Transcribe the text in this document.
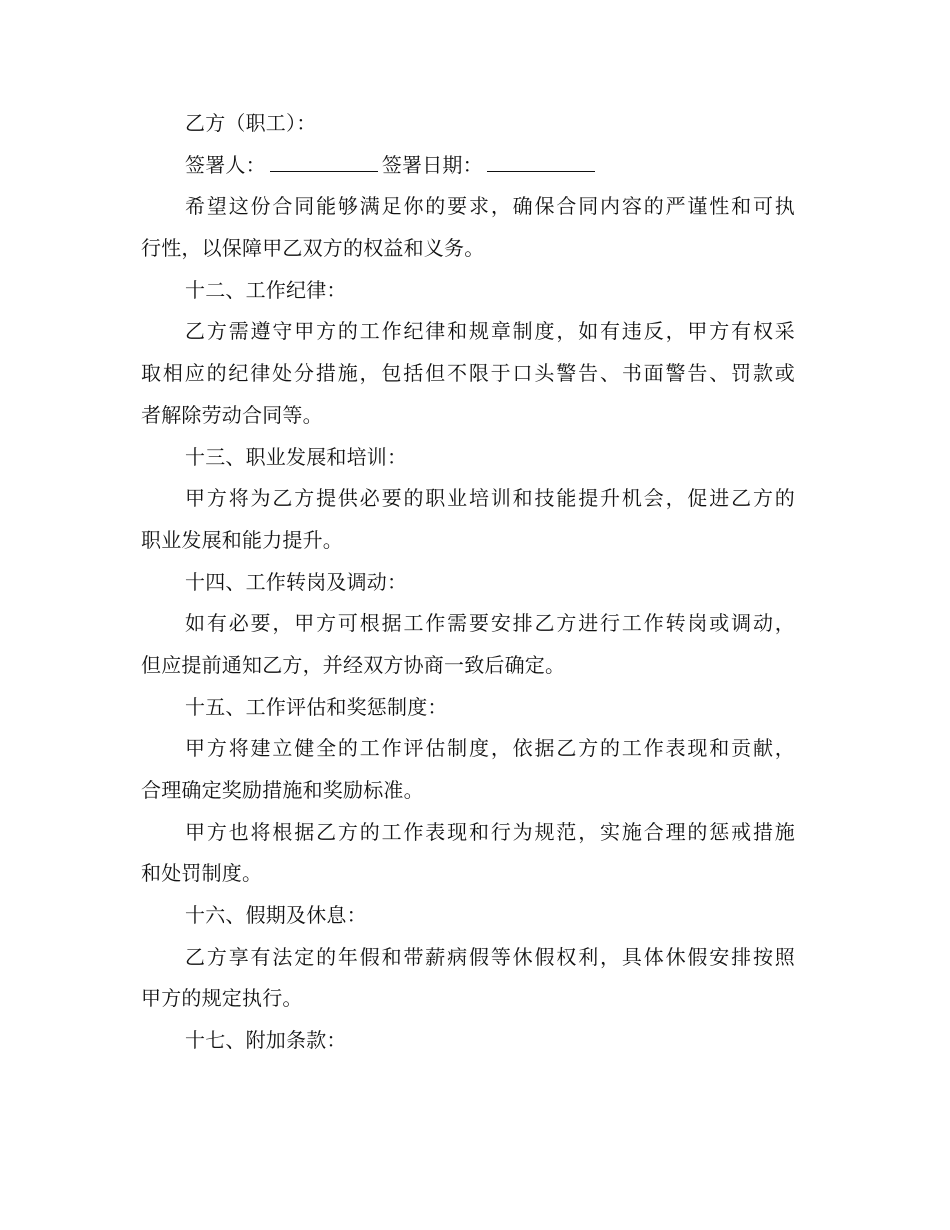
乙方（职工）：
签署人：	签署日期：
希望这份合同能够满足你的要求，确保合同内容的严谨性和可执
行性，以保障甲乙双方的权益和义务。
十二、工作纪律：
乙方需遵守甲方的工作纪律和规章制度，如有违反，甲方有权采
取相应的纪律处分措施，包括但不限于口头警告、书面警告、罚款或
者解除劳动合同等。
十三、职业发展和培训：
甲方将为乙方提供必要的职业培训和技能提升机会，促进乙方的
职业发展和能力提升。
十四、工作转岗及调动：
如有必要，甲方可根据工作需要安排乙方进行工作转岗或调动，
但应提前通知乙方，并经双方协商一致后确定。
十五、工作评估和奖惩制度：
甲方将建立健全的工作评估制度，依据乙方的工作表现和贡献，
合理确定奖励措施和奖励标准。
甲方也将根据乙方的工作表现和行为规范，实施合理的惩戒措施
和处罚制度。
十六、假期及休息：
乙方享有法定的年假和带薪病假等休假权利，具体休假安排按照
甲方的规定执行。
十七、附加条款：
